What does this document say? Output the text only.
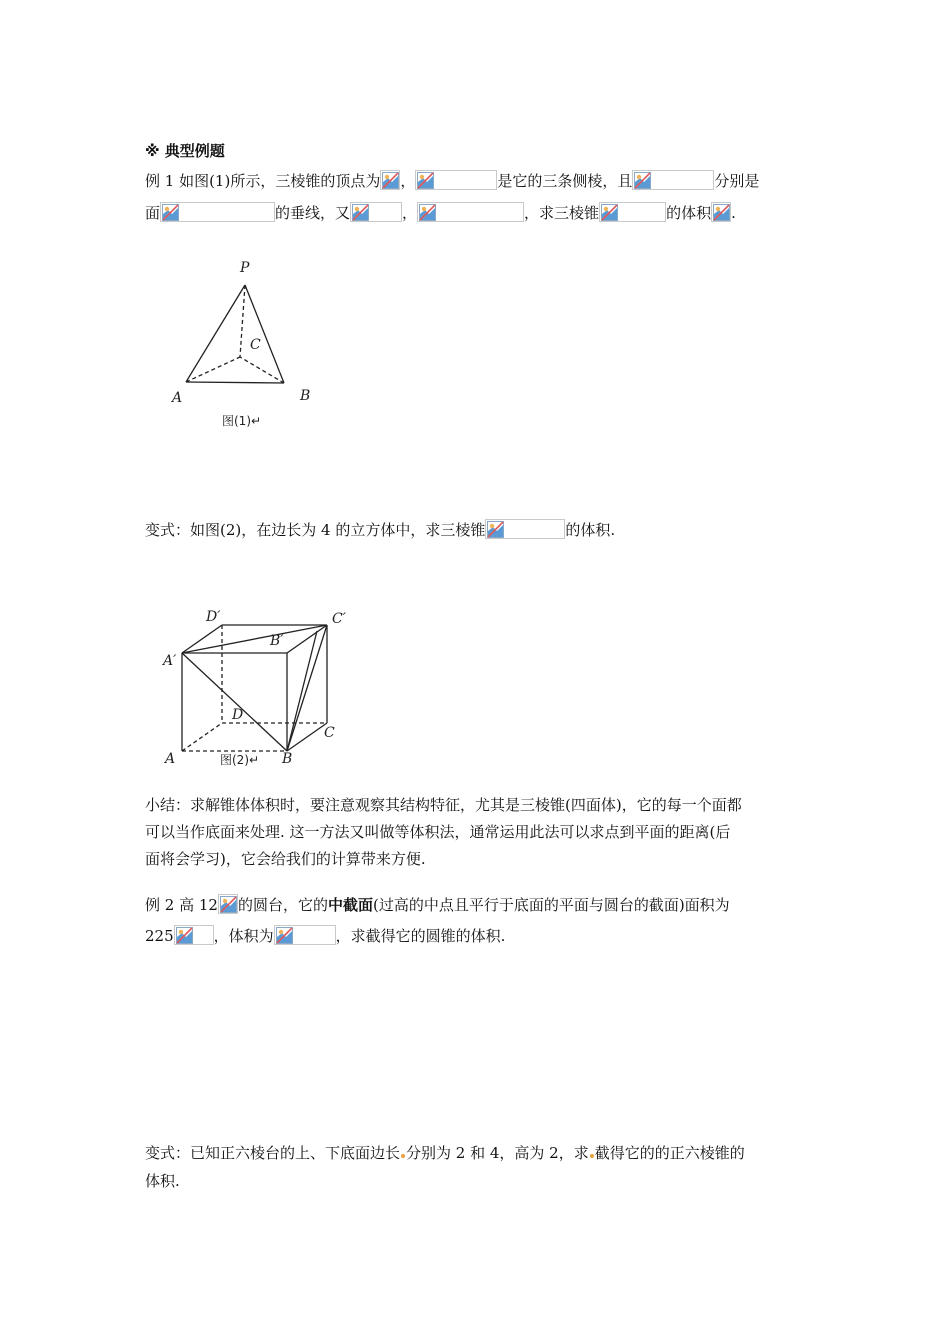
※ 典型例题
例 1 如图(1)所示，三棱锥的顶点为 ，	是它的三条侧棱，且	分别是
面	的垂线，又	，	，求三棱锥	的体积 .
P
C
A	B
图(1)↵
变式：如图(2)，在边长为 4 的立方体中，求三棱锥	的体积.
D′	C′
B′
A′
D
C
A	B
图(2)↵
小结：求解锥体体积时，要注意观察其结构特征，尤其是三棱锥(四面体)，它的每一个面都
可以当作底面来处理. 这一方法又叫做等体积法，通常运用此法可以求点到平面的距离(后
面将会学习)，它会给我们的计算带来方便.
例 2 高 12 的圆台，它的中截面(过高的中点且平行于底面的平面与圆台的截面)面积为
225	，体积为	，求截得它的圆锥的体积.
变式：已知正六棱台的上、下底面边长 分别为 2 和 4，高为 2，求 截得它的的正六棱锥的
体积.
